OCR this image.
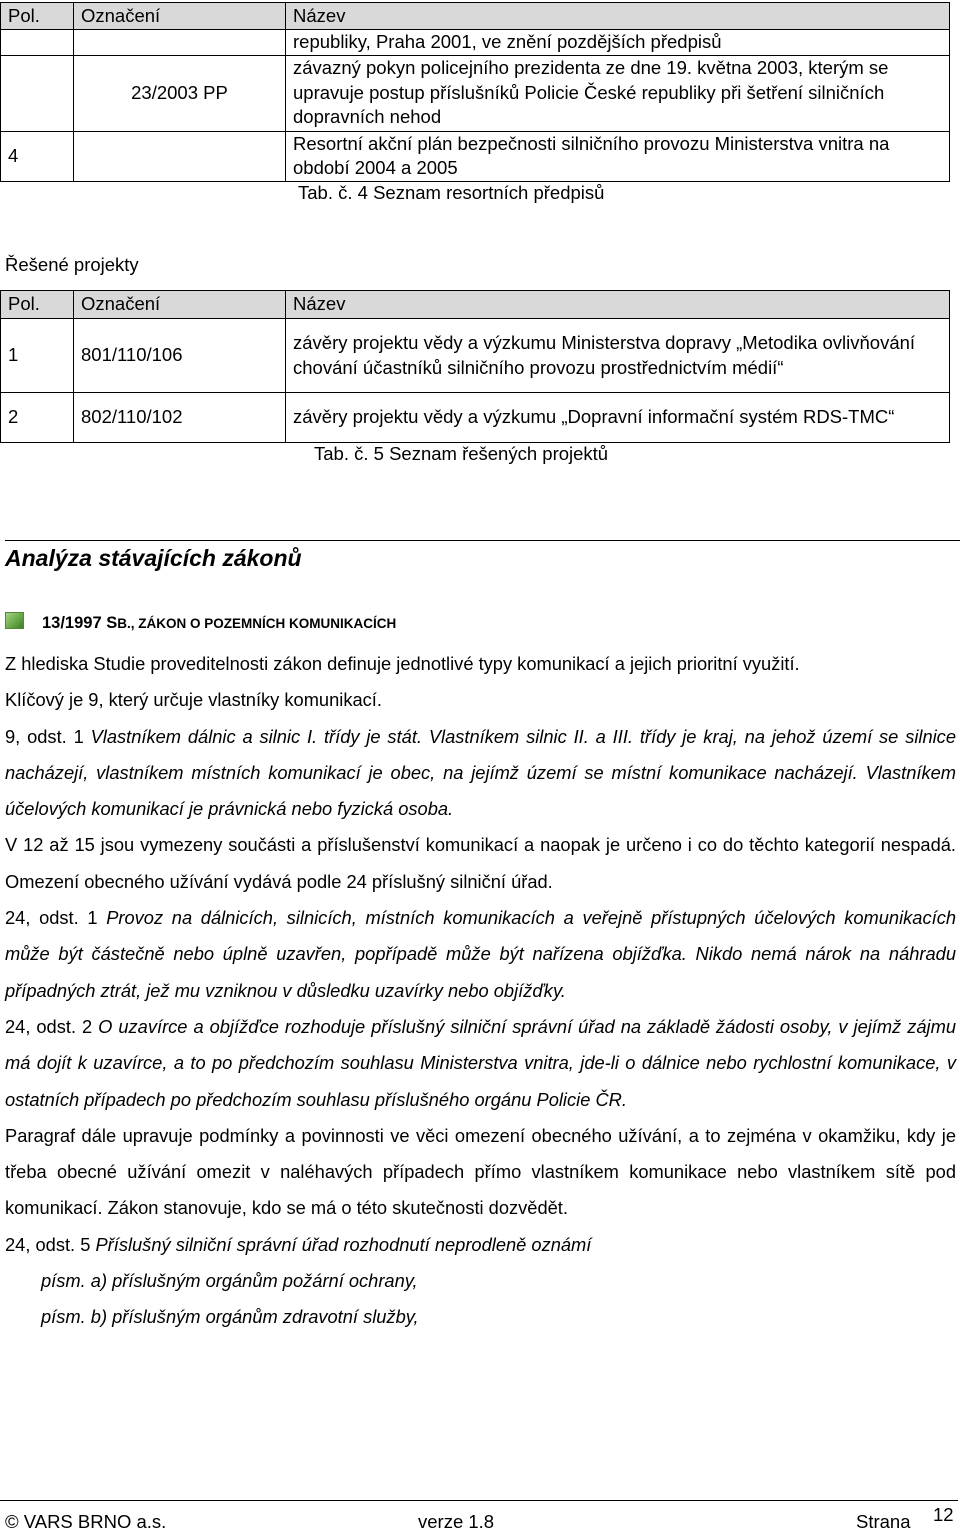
Pol.	Označení	Název
		republiky, Praha 2001, ve znění pozdějších předpisů
	23/2003 PP	závazný pokyn policejního prezidenta ze dne 19. května 2003, kterým se upravuje postup příslušníků Policie České republiky při šetření silničních dopravních nehod
4		Resortní akční plán bezpečnosti silničního provozu Ministerstva vnitra na období 2004 a 2005
Tab. č. 4 Seznam resortních předpisů
Řešené projekty
Pol.	Označení	Název
1	801/110/106	závěry projektu vědy a výzkumu Ministerstva dopravy „Metodika ovlivňování chování účastníků silničního provozu prostřednictvím médií“
2	802/110/102	závěry projektu vědy a výzkumu „Dopravní informační systém RDS-TMC“
Tab. č. 5 Seznam řešených projektů
Analýza stávajících zákonů
13/1997 SB., ZÁKON O POZEMNÍCH KOMUNIKACÍCH

Z hlediska Studie proveditelnosti zákon definuje jednotlivé typy komunikací a jejich prioritní využití.

Klíčový je 9, který určuje vlastníky komunikací.

9, odst. 1 Vlastníkem dálnic a silnic I. třídy je stát. Vlastníkem silnic II. a III. třídy je kraj, na jehož území se silnice nacházejí, vlastníkem místních komunikací je obec, na jejímž území se místní komunikace nacházejí. Vlastníkem účelových komunikací je právnická nebo fyzická osoba.

V 12 až 15 jsou vymezeny součásti a příslušenství komunikací a naopak je určeno i co do těchto kategorií nespadá. Omezení obecného užívání vydává podle 24 příslušný silniční úřad.

24, odst. 1 Provoz na dálnicích, silnicích, místních komunikacích a veřejně přístupných účelových komunikacích může být částečně nebo úplně uzavřen, popřípadě může být nařízena objížďka. Nikdo nemá nárok na náhradu případných ztrát, jež mu vzniknou v důsledku uzavírky nebo objížďky.

24, odst. 2 O uzavírce a objížďce rozhoduje příslušný silniční správní úřad na základě žádosti osoby, v jejímž zájmu má dojít k uzavírce, a to po předchozím souhlasu Ministerstva vnitra, jde-li o dálnice nebo rychlostní komunikace, v ostatních případech po předchozím souhlasu příslušného orgánu Policie ČR.

Paragraf dále upravuje podmínky a povinnosti ve věci omezení obecného užívání, a to zejména v okamžiku, kdy je třeba obecné užívání omezit v naléhavých případech přímo vlastníkem komunikace nebo vlastníkem sítě pod komunikací. Zákon stanovuje, kdo se má o této skutečnosti dozvědět.

24, odst. 5 Příslušný silniční správní úřad rozhodnutí neprodleně oznámí

písm. a) příslušným orgánům požární ochrany,

písm. b) příslušným orgánům zdravotní služby,

© VARS BRNO a.s.	verze 1.8	Strana 12
